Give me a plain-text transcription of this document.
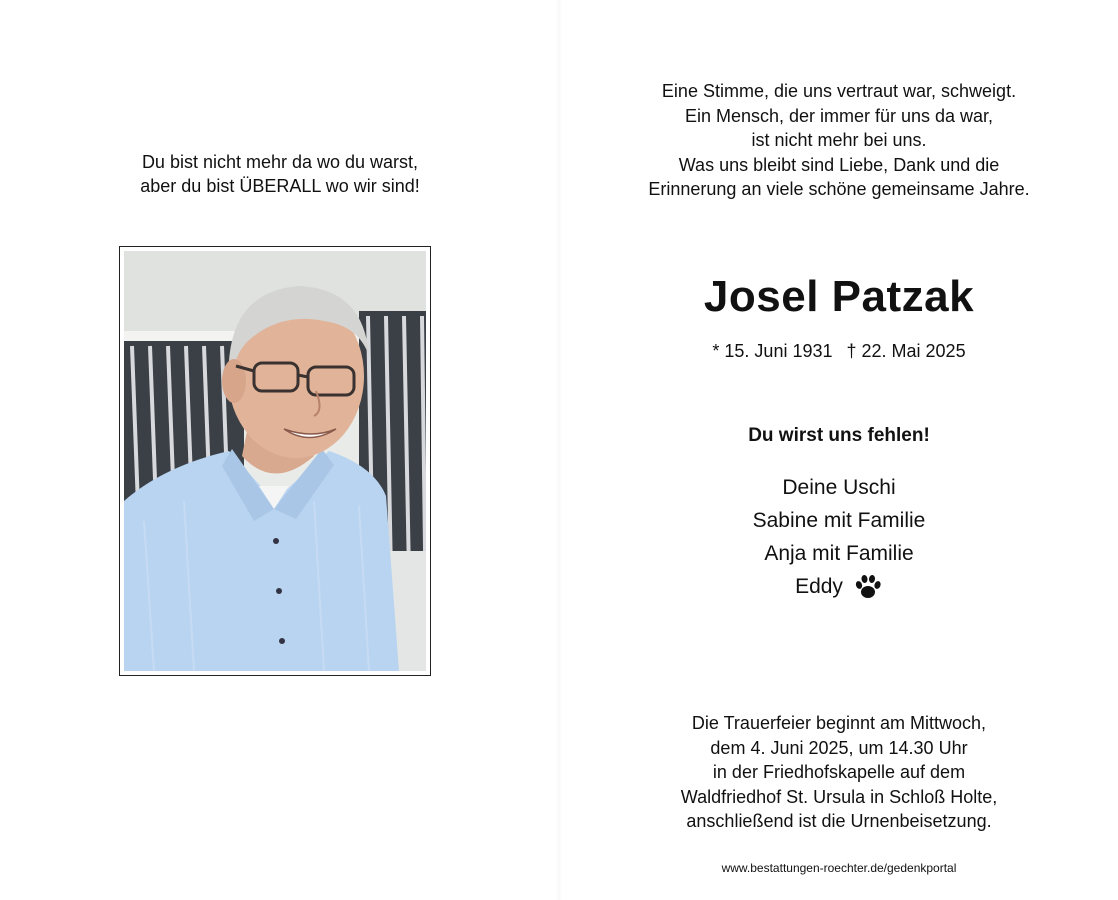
Du bist nicht mehr da wo du warst,
aber du bist ÜBERALL wo wir sind!
Eine Stimme, die uns vertraut war, schweigt.
Ein Mensch, der immer für uns da war,
ist nicht mehr bei uns.
Was uns bleibt sind Liebe, Dank und die
Erinnerung an viele schöne gemeinsame Jahre.
Josel Patzak
* 15. Juni 1931 † 22. Mai 2025
Du wirst uns fehlen!
Deine Uschi
Sabine mit Familie
Anja mit Familie
Eddy
Die Trauerfeier beginnt am Mittwoch,
dem 4. Juni 2025, um 14.30 Uhr
in der Friedhofskapelle auf dem
Waldfriedhof St. Ursula in Schloß Holte,
anschließend ist die Urnenbeisetzung.
www.bestattungen-roechter.de/gedenkportal
